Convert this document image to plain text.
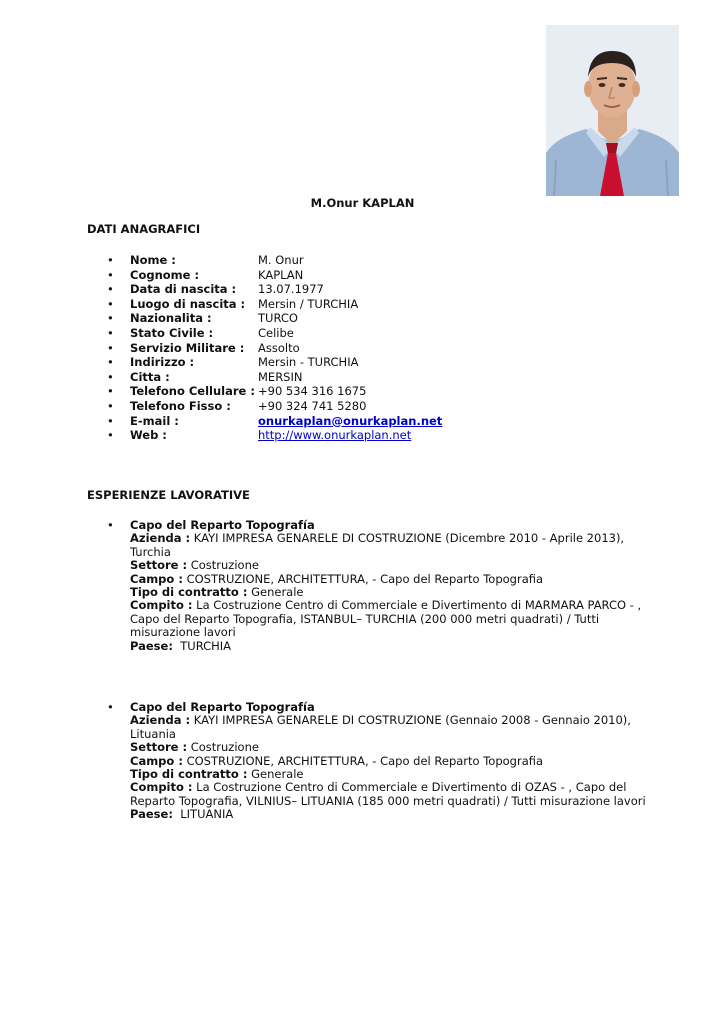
M.Onur KAPLAN
DATI ANAGRAFICI
•	Nome :	M. Onur
•	Cognome :	KAPLAN
•	Data di nascita :	13.07.1977
•	Luogo di nascita :	Mersin / TURCHIA
•	Nazionalita :	TURCO
•	Stato Civile :	Celibe
•	Servizio Militare :	Assolto
•	Indirizzo :	Mersin - TURCHIA
•	Citta :	MERSIN
•	Telefono Cellulare : +90 534 316 1675
•	Telefono Fisso :	+90 324 741 5280
•	E-mail :	onurkaplan@onurkaplan.net
•	Web :	http://www.onurkaplan.net
ESPERIENZE LAVORATIVE
•	Capo del Reparto Topografía
Azienda : KAYI IMPRESA GENARELE DI COSTRUZIONE (Dicembre 2010 - Aprile 2013), Turchia
Settore : Costruzione
Campo : COSTRUZIONE, ARCHITETTURA, - Capo del Reparto Topografia
Tipo di contratto : Generale
Compito : La Costruzione Centro di Commerciale e Divertimento di MARMARA PARCO - , Capo del Reparto Topografia, ISTANBUL– TURCHIA (200 000 metri quadrati) / Tutti misurazione lavori
Paese:  TURCHIA
•	Capo del Reparto Topografía
Azienda : KAYI IMPRESA GENARELE DI COSTRUZIONE (Gennaio 2008 - Gennaio 2010), Lituania
Settore : Costruzione
Campo : COSTRUZIONE, ARCHITETTURA, - Capo del Reparto Topografia
Tipo di contratto : Generale
Compito : La Costruzione Centro di Commerciale e Divertimento di OZAS - , Capo del Reparto Topografia, VILNIUS– LITUANIA (185 000 metri quadrati) / Tutti misurazione lavori
Paese:  LITUANIA
